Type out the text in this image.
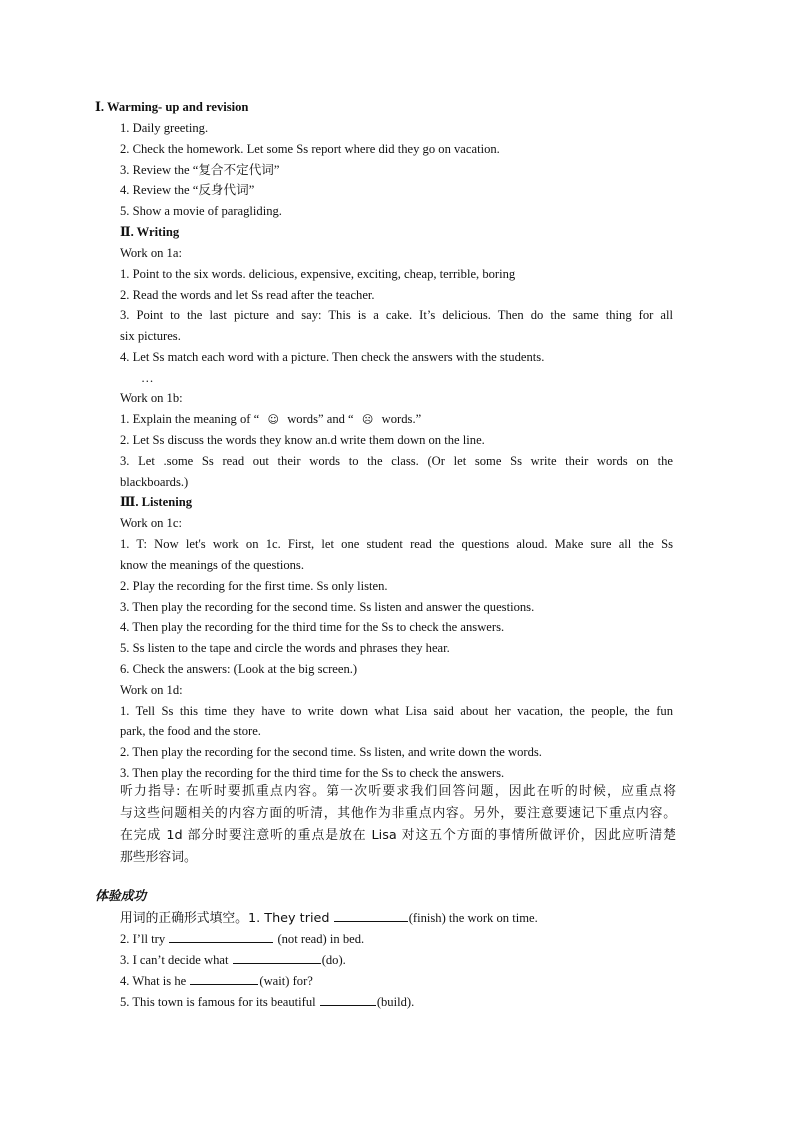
Ⅰ. Warming- up and revision
1. Daily greeting.
2. Check the homework. Let some Ss report where did they go on vacation.
3. Review the “复合不定代词”
4. Review the “反身代词”
5. Show a movie of paragliding.
Ⅱ. Writing
Work on 1a:
1. Point to the six words. delicious, expensive, exciting, cheap, terrible, boring
2. Read the words and let Ss read after the teacher.
3. Point to the last picture and say: This is a cake. It’s delicious. Then do the same thing for all
six pictures.
4. Let Ss match each word with a picture. Then check the answers with the students.
…
Work on 1b:
1. Explain the meaning of “ ☺ words” and “ ☹ words.”
2. Let Ss discuss the words they know an.d write them down on the line.
3. Let .some Ss read out their words to the class. (Or let some Ss write their words on the
blackboards.)
Ⅲ. Listening
Work on 1c:
1. T: Now let's work on 1c. First, let one student read the questions aloud. Make sure all the Ss
know the meanings of the questions.
2. Play the recording for the first time. Ss only listen.
3. Then play the recording for the second time. Ss listen and answer the questions.
4. Then play the recording for the third time for the Ss to check the answers.
5. Ss listen to the tape and circle the words and phrases they hear.
6. Check the answers: (Look at the big screen.)
Work on 1d:
1. Tell Ss this time they have to write down what Lisa said about her vacation, the people, the fun
park, the food and the store.
2. Then play the recording for the second time. Ss listen, and write down the words.
3. Then play the recording for the third time for the Ss to check the answers.
听力指导: 在听时要抓重点内容。第一次听要求我们回答问题，因此在听的时候，应重点将
与这些问题相关的内容方面的听清，其他作为非重点内容。另外，要注意要速记下重点内容。
在完成 1d 部分时要注意听的重点是放在 Lisa 对这五个方面的事情所做评价，因此应听清楚
那些形容词。
体验成功
用词的正确形式填空。1. They tried	(finish) the work on time.
2. I’ll try	(not read) in bed.
3. I can’t decide what	(do).
4. What is he	(wait) for?
5. This town is famous for its beautiful	(build).
